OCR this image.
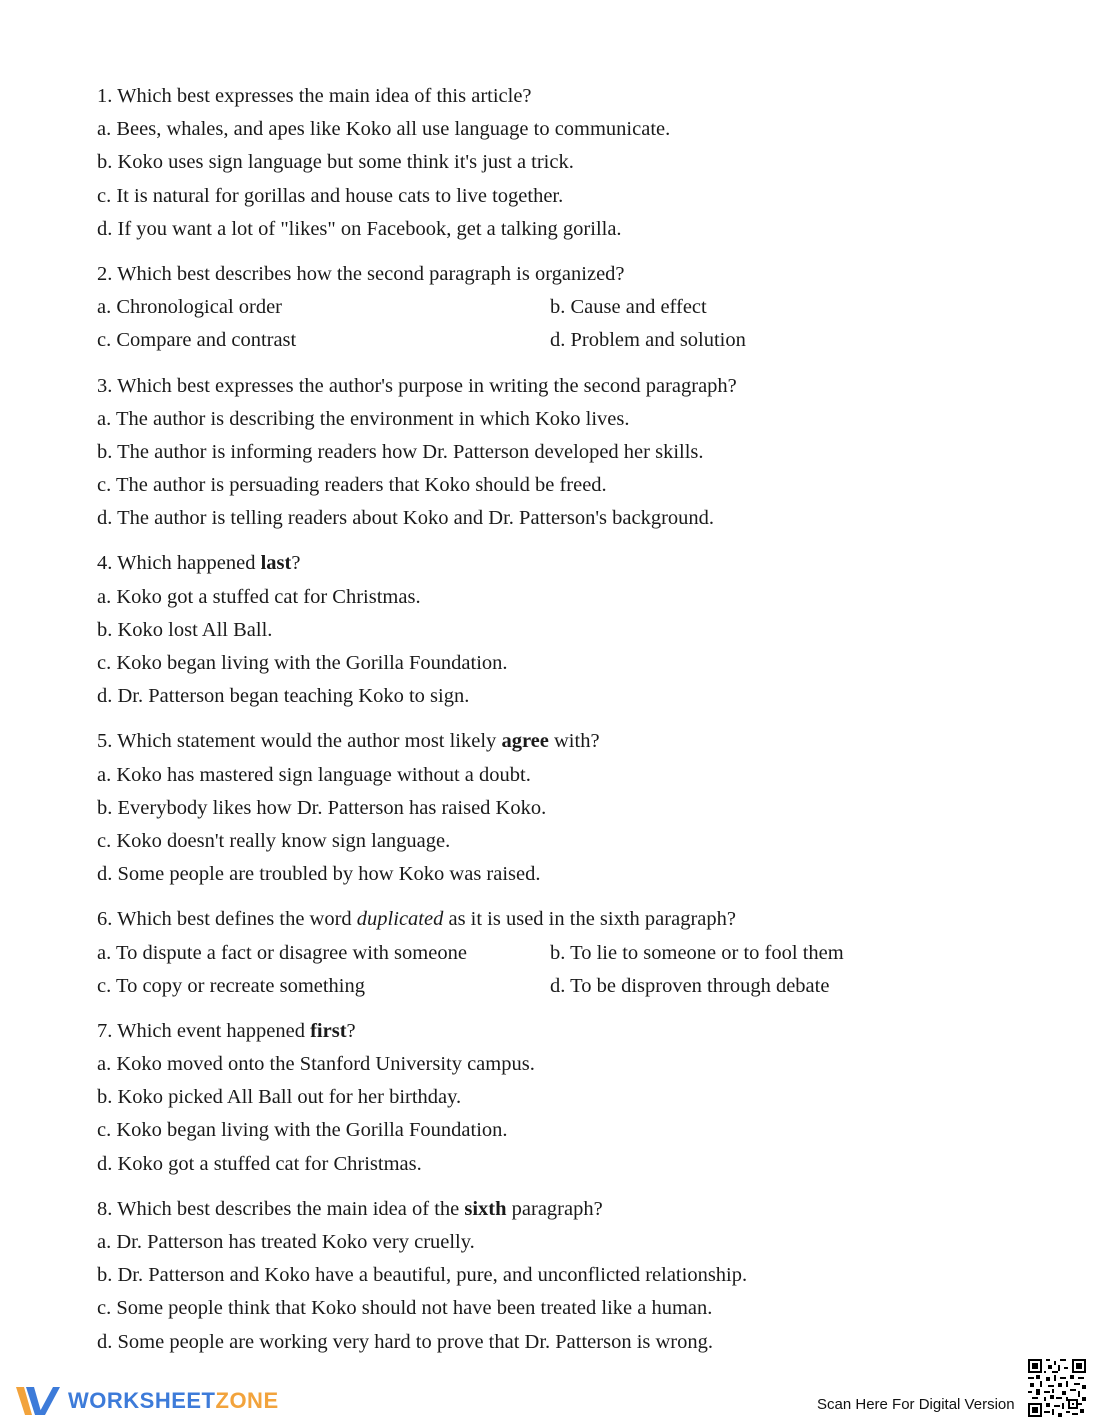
1. Which best expresses the main idea of this article?
a. Bees, whales, and apes like Koko all use language to communicate.
b. Koko uses sign language but some think it's just a trick.
c. It is natural for gorillas and house cats to live together.
d. If you want a lot of "likes" on Facebook, get a talking gorilla.
2. Which best describes how the second paragraph is organized?
a. Chronological order	b. Cause and effect
c. Compare and contrast	d. Problem and solution
3. Which best expresses the author's purpose in writing the second paragraph?
a. The author is describing the environment in which Koko lives.
b. The author is informing readers how Dr. Patterson developed her skills.
c. The author is persuading readers that Koko should be freed.
d. The author is telling readers about Koko and Dr. Patterson's background.
4. Which happened last?
a. Koko got a stuffed cat for Christmas.
b. Koko lost All Ball.
c. Koko began living with the Gorilla Foundation.
d. Dr. Patterson began teaching Koko to sign.
5. Which statement would the author most likely agree with?
a. Koko has mastered sign language without a doubt.
b. Everybody likes how Dr. Patterson has raised Koko.
c. Koko doesn't really know sign language.
d. Some people are troubled by how Koko was raised.
6. Which best defines the word duplicated as it is used in the sixth paragraph?
a. To dispute a fact or disagree with someone	b. To lie to someone or to fool them
c. To copy or recreate something	d. To be disproven through debate
7. Which event happened first?
a. Koko moved onto the Stanford University campus.
b. Koko picked All Ball out for her birthday.
c. Koko began living with the Gorilla Foundation.
d. Koko got a stuffed cat for Christmas.
8. Which best describes the main idea of the sixth paragraph?
a. Dr. Patterson has treated Koko very cruelly.
b. Dr. Patterson and Koko have a beautiful, pure, and unconflicted relationship.
c. Some people think that Koko should not have been treated like a human.
d. Some people are working very hard to prove that Dr. Patterson is wrong.
WORKSHEETZONE	Scan Here For Digital Version
